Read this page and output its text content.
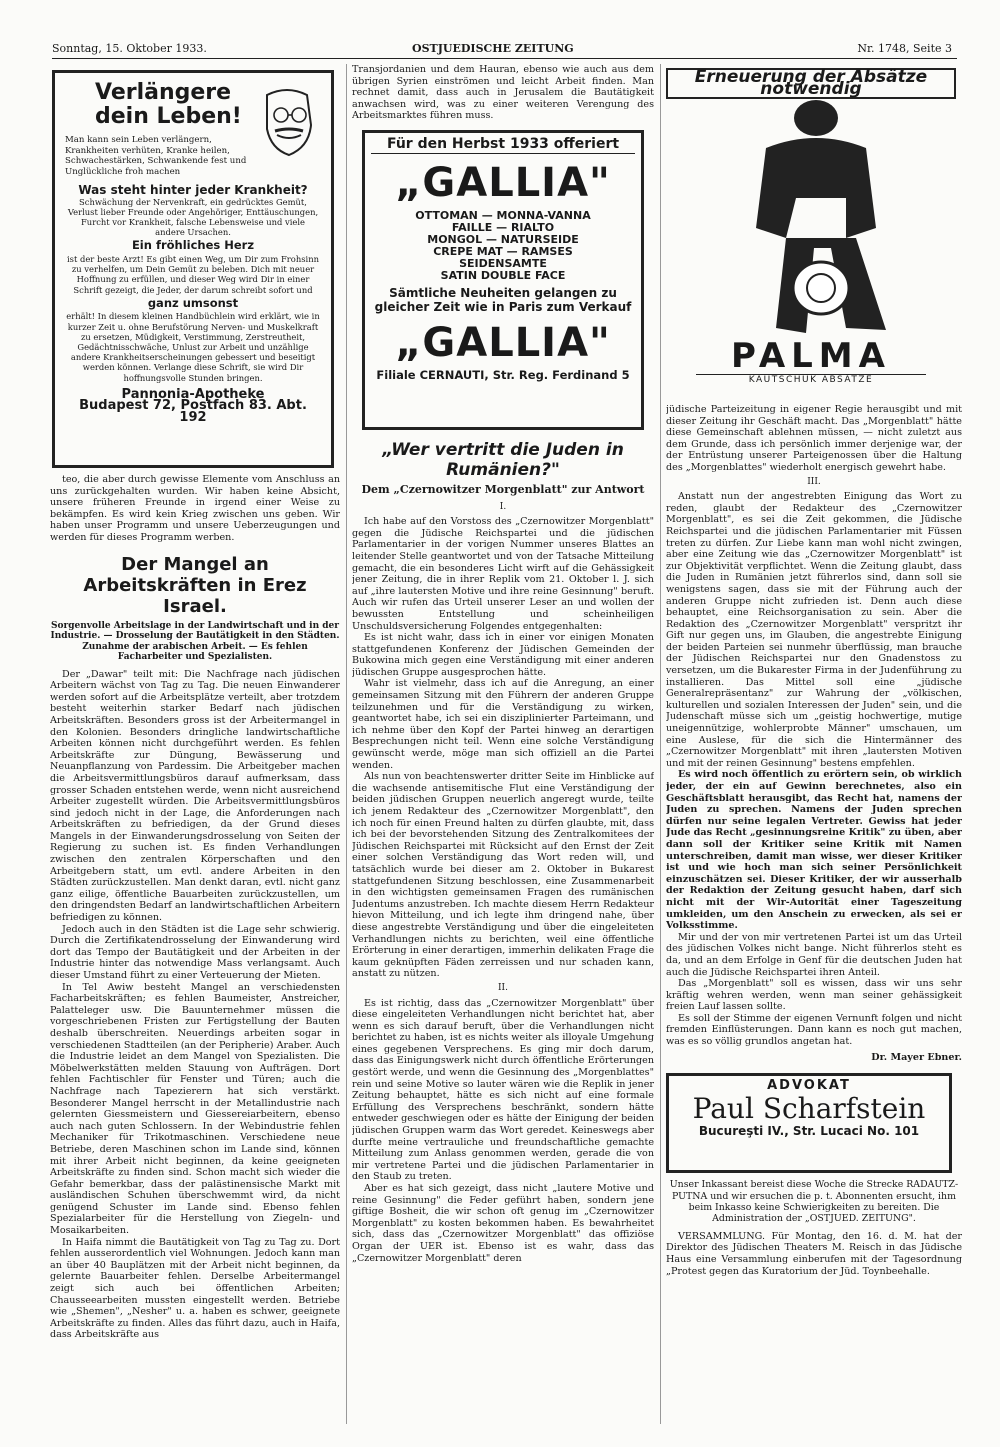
Sonntag, 15. Oktober 1933.	OSTJUEDISCHE ZEITUNG	Nr. 1748, Seite 3
Verlängere
dein Leben!
Man kann sein Leben verlängern, Krankheiten verhüten, Kranke heilen, Schwachestärken, Schwankende fest und Unglückliche froh machen
Was steht hinter jeder Krankheit?
Schwächung der Nervenkraft, ein gedrücktes Gemüt, Verlust lieber Freunde oder Angehöriger, Enttäuschungen, Furcht vor Krankheit, falsche Lebensweise und viele andere Ursachen.
Ein fröhliches Herz
ist der beste Arzt! Es gibt einen Weg, um Dir zum Frohsinn zu verhelfen, um Dein Gemüt zu beleben. Dich mit neuer Hoffnung zu erfüllen, und dieser Weg wird Dir in einer Schrift gezeigt, die Jeder, der darum schreibt sofort und
ganz umsonst
erhält! In diesem kleinen Handbüchlein wird erklärt, wie in kurzer Zeit u. ohne Berufstörung Nerven- und Muskelkraft zu ersetzen, Müdigkeit, Verstimmung, Zerstreutheit, Gedächtnisschwäche, Unlust zur Arbeit und unzählige andere Krankheitserscheinungen gebessert und beseitigt werden können. Verlange diese Schrift, sie wird Dir hoffnungsvolle Stunden bringen.
Pannonia-Apotheke
Budapest 72, Postfach 83. Abt. 192

teo, die aber durch gewisse Elemente vom Anschluss an uns zurückgehalten wurden. Wir haben keine Absicht, unsere früheren Freunde in irgend einer Weise zu bekämpfen. Es wird kein Krieg zwischen uns geben. Wir haben unser Programm und unsere Ueberzeugungen und werden für dieses Programm werben.

Der Mangel an Arbeitskräften in Erez Israel.
Sorgenvolle Arbeitslage in der Landwirtschaft und in der Industrie. — Drosselung der Bautätigkeit in den Städten. Zunahme der arabischen Arbeit. — Es fehlen Facharbeiter und Spezialisten.

Der „Dawar" teilt mit: Die Nachfrage nach jüdischen Arbeitern wächst von Tag zu Tag. Die neuen Einwanderer werden sofort auf die Arbeitsplätze verteilt, aber trotzdem besteht weiterhin starker Bedarf nach jüdischen Arbeitskräften. Besonders gross ist der Arbeitermangel in den Kolonien. Besonders dringliche landwirtschaftliche Arbeiten können nicht durchgeführt werden. Es fehlen Arbeitskräfte zur Düngung, Bewässerung und Neuanpflanzung von Pardessim. Die Arbeitgeber machen die Arbeitsvermittlungsbüros darauf aufmerksam, dass grosser Schaden entstehen werde, wenn nicht ausreichend Arbeiter zugestellt würden. Die Arbeitsvermittlungsbüros sind jedoch nicht in der Lage, die Anforderungen nach Arbeitskräften zu befriedigen, da der Grund dieses Mangels in der Einwanderungsdrosselung von Seiten der Regierung zu suchen ist. Es finden Verhandlungen zwischen den zentralen Körperschaften und den Arbeitgebern statt, um evtl. andere Arbeiten in den Städten zurückzustellen. Man denkt daran, evtl. nicht ganz ganz eilige, öffentliche Bauarbeiten zurückzustellen, um den dringendsten Bedarf an landwirtschaftlichen Arbeitern befriedigen zu können.

Jedoch auch in den Städten ist die Lage sehr schwierig. Durch die Zertifikatendrosselung der Einwanderung wird dort das Tempo der Bautätigkeit und der Arbeiten in der Industrie hinter das notwendige Mass verlangsamt. Auch dieser Umstand führt zu einer Verteuerung der Mieten.

In Tel Awiw besteht Mangel an verschiedensten Facharbeitskräften; es fehlen Baumeister, Anstreicher, Palatteleger usw. Die Bauunternehmer müssen die vorgeschriebenen Fristen zur Fertigstellung der Bauten deshalb überschreiten. Neuerdings arbeiten sogar in verschiedenen Stadtteilen (an der Peripherie) Araber. Auch die Industrie leidet an dem Mangel von Spezialisten. Die Möbelwerkstätten melden Stauung von Aufträgen. Dort fehlen Fachtischler für Fenster und Türen; auch die Nachfrage nach Tapezierern hat sich verstärkt. Besonderer Mangel herrscht in der Metallindustrie nach gelernten Giessmeistern und Giessereiarbeitern, ebenso auch nach guten Schlossern. In der Webindustrie fehlen Mechaniker für Trikotmaschinen. Verschiedene neue Betriebe, deren Maschinen schon im Lande sind, können mit ihrer Arbeit nicht beginnen, da keine geeigneten Arbeitskräfte zu finden sind. Schon macht sich wieder die Gefahr bemerkbar, dass der palästinensische Markt mit ausländischen Schuhen überschwemmt wird, da nicht genügend Schuster im Lande sind. Ebenso fehlen Spezialarbeiter für die Herstellung von Ziegeln- und Mosaikarbeiten.

In Haifa nimmt die Bautätigkeit von Tag zu Tag zu. Dort fehlen ausserordentlich viel Wohnungen. Jedoch kann man an über 40 Bauplätzen mit der Arbeit nicht beginnen, da gelernte Bauarbeiter fehlen. Derselbe Arbeitermangel zeigt sich auch bei öffentlichen Arbeiten; Chausseearbeiten mussten eingestellt werden. Betriebe wie „Shemen", „Nesher" u. a. haben es schwer, geeignete Arbeitskräfte zu finden. Alles das führt dazu, auch in Haifa, dass Arbeitskräfte aus

Transjordanien und dem Hauran, ebenso wie auch aus dem übrigen Syrien einströmen und leicht Arbeit finden. Man rechnet damit, dass auch in Jerusalem die Bautätigkeit anwachsen wird, was zu einer weiteren Verengung des Arbeitsmarktes führen muss.

Für den Herbst 1933 offeriert
„GALLIA"
OTTOMAN — MONNA-VANNA
FAILLE — RIALTO
MONGOL — NATURSEIDE
CREPE MAT — RAMSES
SEIDENSAMTE
SATIN DOUBLE FACE
Sämtliche Neuheiten gelangen zu gleicher Zeit wie in Paris zum Verkauf
„GALLIA"
Filiale CERNAUTI, Str. Reg. Ferdinand 5
„Wer vertritt die Juden in Rumänien?"
Dem „Czernowitzer Morgenblatt" zur Antwort
I.

Ich habe auf den Vorstoss des „Czernowitzer Morgenblatt" gegen die Jüdische Reichspartei und die jüdischen Parlamentarier in der vorigen Nummer unseres Blattes an leitender Stelle geantwortet und von der Tatsache Mitteilung gemacht, die ein besonderes Licht wirft auf die Gehässigkeit jener Zeitung, die in ihrer Replik vom 21. Oktober l. J. sich auf „ihre lautersten Motive und ihre reine Gesinnung" beruft. Auch wir rufen das Urteil unserer Leser an und wollen der bewussten Entstellung und scheinheiligen Unschuldsversicherung Folgendes entgegenhalten:

Es ist nicht wahr, dass ich in einer vor einigen Monaten stattgefundenen Konferenz der Jüdischen Gemeinden der Bukowina mich gegen eine Verständigung mit einer anderen jüdischen Gruppe ausgesprochen hätte.

Wahr ist vielmehr, dass ich auf die Anregung, an einer gemeinsamen Sitzung mit den Führern der anderen Gruppe teilzunehmen und für die Verständigung zu wirken, geantwortet habe, ich sei ein disziplinierter Parteimann, und ich nehme über den Kopf der Partei hinweg an derartigen Besprechungen nicht teil. Wenn eine solche Verständigung gewünscht werde, möge man sich offiziell an die Partei wenden.

Als nun von beachtenswerter dritter Seite im Hinblicke auf die wachsende antisemitische Flut eine Verständigung der beiden jüdischen Gruppen neuerlich angeregt wurde, teilte ich jenem Redakteur des „Czernowitzer Morgenblatt", den ich noch für einen Freund halten zu dürfen glaubte, mit, dass ich bei der bevorstehenden Sitzung des Zentralkomitees der Jüdischen Reichspartei mit Rücksicht auf den Ernst der Zeit einer solchen Verständigung das Wort reden will, und tatsächlich wurde bei dieser am 2. Oktober in Bukarest stattgefundenen Sitzung beschlossen, eine Zusammenarbeit in den wichtigsten gemeinsamen Fragen des rumänischen Judentums anzustreben. Ich machte diesem Herrn Redakteur hievon Mitteilung, und ich legte ihm dringend nahe, über diese angestrebte Verständigung und über die eingeleiteten Verhandlungen nichts zu berichten, weil eine öffentliche Erörterung in einer derartigen, immerhin delikaten Frage die kaum geknüpften Fäden zerreissen und nur schaden kann, anstatt zu nützen.

II.

Es ist richtig, dass das „Czernowitzer Morgenblatt" über diese eingeleiteten Verhandlungen nicht berichtet hat, aber wenn es sich darauf beruft, über die Verhandlungen nicht berichtet zu haben, ist es nichts weiter als illoyale Umgehung eines gegebenen Versprechens. Es ging mir doch darum, dass das Einigungswerk nicht durch öffentliche Erörterungen gestört werde, und wenn die Gesinnung des „Morgenblattes" rein und seine Motive so lauter wären wie die Replik in jener Zeitung behauptet, hätte es sich nicht auf eine formale Erfüllung des Versprechens beschränkt, sondern hätte entweder geschwiegen oder es hätte der Einigung der beiden jüdischen Gruppen warm das Wort geredet. Keineswegs aber durfte meine vertrauliche und freundschaftliche gemachte Mitteilung zum Anlass genommen werden, gerade die von mir vertretene Partei und die jüdischen Parlamentarier in den Staub zu treten.

Aber es hat sich gezeigt, dass nicht „lautere Motive und reine Gesinnung" die Feder geführt haben, sondern jene giftige Bosheit, die wir schon oft genug im „Czernowitzer Morgenblatt" zu kosten bekommen haben. Es bewahrheitet sich, dass das „Czernowitzer Morgenblatt" das offiziöse Organ der UER ist. Ebenso ist es wahr, dass das „Czernowitzer Morgenblatt" deren

Erneuerung der Absätze notwendig
PALMA
KAUTSCHUK ABSÄTZE

jüdische Parteizeitung in eigener Regie herausgibt und mit dieser Zeitung ihr Geschäft macht. Das „Morgenblatt" hätte diese Gemeinschaft ablehnen müssen, — nicht zuletzt aus dem Grunde, dass ich persönlich immer derjenige war, der der Entrüstung unserer Parteigenossen über die Haltung des „Morgenblattes" wiederholt energisch gewehrt habe.

III.

Anstatt nun der angestrebten Einigung das Wort zu reden, glaubt der Redakteur des „Czernowitzer Morgenblatt", es sei die Zeit gekommen, die Jüdische Reichspartei und die jüdischen Parlamentarier mit Füssen treten zu dürfen. Zur Liebe kann man wohl nicht zwingen, aber eine Zeitung wie das „Czernowitzer Morgenblatt" ist zur Objektivität verpflichtet. Wenn die Zeitung glaubt, dass die Juden in Rumänien jetzt führerlos sind, dann soll sie wenigstens sagen, dass sie mit der Führung auch der anderen Gruppe nicht zufrieden ist. Denn auch diese behauptet, eine Reichsorganisation zu sein. Aber die Redaktion des „Czernowitzer Morgenblatt" verspritzt ihr Gift nur gegen uns, im Glauben, die angestrebte Einigung der beiden Parteien sei nunmehr überflüssig, man brauche der Jüdischen Reichspartei nur den Gnadenstoss zu versetzen, um die Bukarester Firma in der Judenführung zu installieren. Das Mittel soll eine „jüdische Generalrepräsentanz" zur Wahrung der „völkischen, kulturellen und sozialen Interessen der Juden" sein, und die Judenschaft müsse sich um „geistig hochwertige, mutige uneigennützige, wohlerprobte Männer" umschauen, um eine Auslese, für die sich die Hintermänner des „Czernowitzer Morgenblatt" mit ihren „lautersten Motiven und mit der reinen Gesinnung" bestens empfehlen.

Es wird noch öffentlich zu erörtern sein, ob wirklich jeder, der ein auf Gewinn berechnetes, also ein Geschäftsblatt herausgibt, das Recht hat, namens der Juden zu sprechen. Namens der Juden sprechen dürfen nur seine legalen Vertreter. Gewiss hat jeder Jude das Recht „gesinnungsreine Kritik" zu üben, aber dann soll der Kritiker seine Kritik mit Namen unterschreiben, damit man wisse, wer dieser Kritiker ist und wie hoch man sich seiner Persönlichkeit einzuschätzen sei. Dieser Kritiker, der wir ausserhalb der Redaktion der Zeitung gesucht haben, darf sich nicht mit der Wir-Autorität einer Tageszeitung umkleiden, um den Anschein zu erwecken, als sei er Volksstimme.

Mir und der von mir vertretenen Partei ist um das Urteil des jüdischen Volkes nicht bange. Nicht führerlos steht es da, und an dem Erfolge in Genf für die deutschen Juden hat auch die Jüdische Reichspartei ihren Anteil.

Das „Morgenblatt" soll es wissen, dass wir uns sehr kräftig wehren werden, wenn man seiner gehässigkeit freien Lauf lassen sollte.

Es soll der Stimme der eigenen Vernunft folgen und nicht fremden Einflüsterungen. Dann kann es noch gut machen, was es so völlig grundlos angetan hat.

Dr. Mayer Ebner.
ADVOKAT
Paul Scharfstein
Bucureşti IV., Str. Lucaci No. 101
Unser Inkassant bereist diese Woche die Strecke RADAUTZ-PUTNA und wir ersuchen die p. t. Abonnenten ersucht, ihm beim Inkasso keine Schwierigkeiten zu bereiten. Die Administration der „OSTJUED. ZEITUNG".

VERSAMMLUNG. Für Montag, den 16. d. M. hat der Direktor des Jüdischen Theaters M. Reisch in das Jüdische Haus eine Versammlung einberufen mit der Tagesordnung „Protest gegen das Kuratorium der Jüd. Toynbeehalle.
